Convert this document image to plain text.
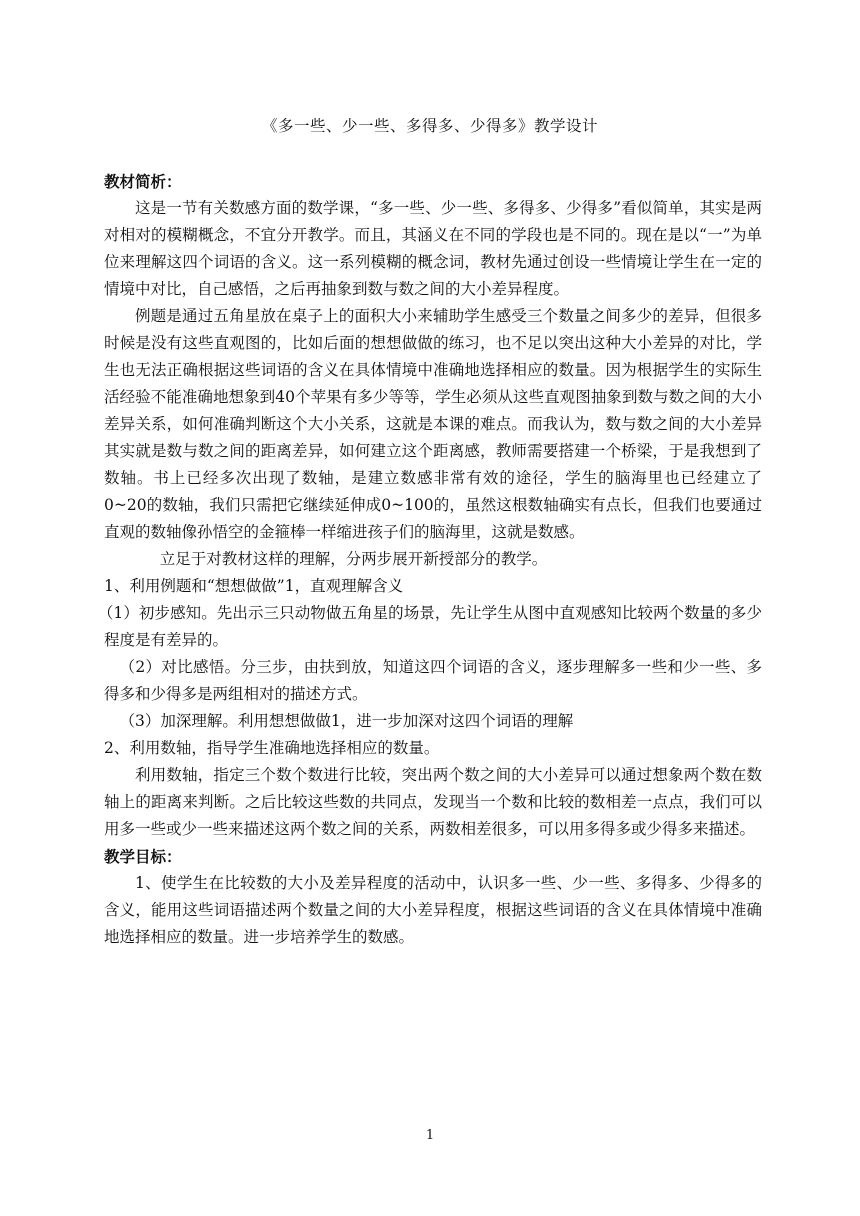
《多一些、少一些、多得多、少得多》教学设计
教材简析：
这是一节有关数感方面的数学课，“多一些、少一些、多得多、少得多”看似简单，其实是两对相对的模糊概念，不宜分开教学。而且，其涵义在不同的学段也是不同的。现在是以“一”为单位来理解这四个词语的含义。这一系列模糊的概念词，教材先通过创设一些情境让学生在一定的情境中对比，自己感悟，之后再抽象到数与数之间的大小差异程度。
例题是通过五角星放在桌子上的面积大小来辅助学生感受三个数量之间多少的差异，但很多时候是没有这些直观图的，比如后面的想想做做的练习，也不足以突出这种大小差异的对比，学生也无法正确根据这些词语的含义在具体情境中准确地选择相应的数量。因为根据学生的实际生活经验不能准确地想象到40个苹果有多少等等，学生必须从这些直观图抽象到数与数之间的大小差异关系，如何准确判断这个大小关系，这就是本课的难点。而我认为，数与数之间的大小差异其实就是数与数之间的距离差异，如何建立这个距离感，教师需要搭建一个桥梁，于是我想到了数轴。书上已经多次出现了数轴，是建立数感非常有效的途径，学生的脑海里也已经建立了0~20的数轴，我们只需把它继续延伸成0~100的，虽然这根数轴确实有点长，但我们也要通过直观的数轴像孙悟空的金箍棒一样缩进孩子们的脑海里，这就是数感。
立足于对教材这样的理解，分两步展开新授部分的教学。
1、利用例题和“想想做做”1，直观理解含义
（1）初步感知。先出示三只动物做五角星的场景，先让学生从图中直观感知比较两个数量的多少程度是有差异的。
（2）对比感悟。分三步，由扶到放，知道这四个词语的含义，逐步理解多一些和少一些、多得多和少得多是两组相对的描述方式。
（3）加深理解。利用想想做做1，进一步加深对这四个词语的理解
2、利用数轴，指导学生准确地选择相应的数量。
利用数轴，指定三个数个数进行比较，突出两个数之间的大小差异可以通过想象两个数在数轴上的距离来判断。之后比较这些数的共同点，发现当一个数和比较的数相差一点点，我们可以用多一些或少一些来描述这两个数之间的关系，两数相差很多，可以用多得多或少得多来描述。
教学目标：
1、使学生在比较数的大小及差异程度的活动中，认识多一些、少一些、多得多、少得多的含义，能用这些词语描述两个数量之间的大小差异程度，根据这些词语的含义在具体情境中准确地选择相应的数量。进一步培养学生的数感。
1
